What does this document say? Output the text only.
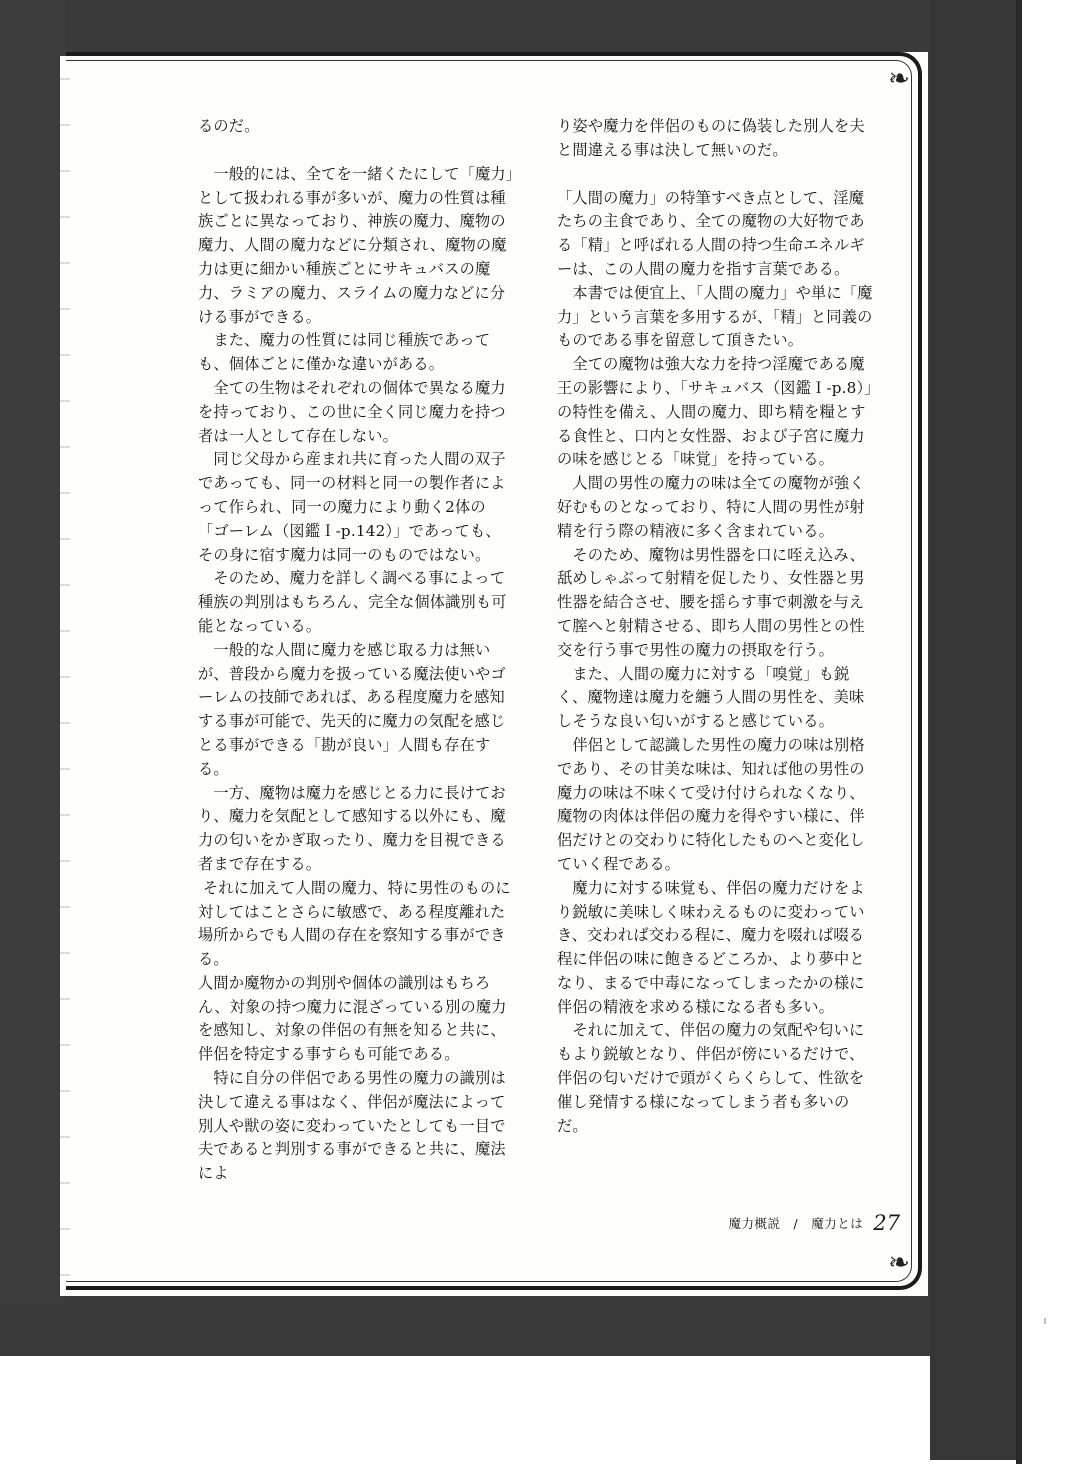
❧
❧

るのだ。

　一般的には、全てを一緒くたにして「魔力」として扱われる事が多いが、魔力の性質は種族ごとに異なっており、神族の魔力、魔物の魔力、人間の魔力などに分類され、魔物の魔力は更に細かい種族ごとにサキュバスの魔力、ラミアの魔力、スライムの魔力などに分ける事ができる。

　また、魔力の性質には同じ種族であっても、個体ごとに僅かな違いがある。

　全ての生物はそれぞれの個体で異なる魔力を持っており、この世に全く同じ魔力を持つ者は一人として存在しない。

　同じ父母から産まれ共に育った人間の双子であっても、同一の材料と同一の製作者によって作られ、同一の魔力により動く2体の「ゴーレム（図鑑Ｉ-p.142）」であっても、その身に宿す魔力は同一のものではない。

　そのため、魔力を詳しく調べる事によって種族の判別はもちろん、完全な個体識別も可能となっている。

　一般的な人間に魔力を感じ取る力は無いが、普段から魔力を扱っている魔法使いやゴーレムの技師であれば、ある程度魔力を感知する事が可能で、先天的に魔力の気配を感じとる事ができる「勘が良い」人間も存在する。

　一方、魔物は魔力を感じとる力に長けており、魔力を気配として感知する以外にも、魔力の匂いをかぎ取ったり、魔力を目視できる者まで存在する。

それに加えて人間の魔力、特に男性のものに対してはことさらに敏感で、ある程度離れた場所からでも人間の存在を察知する事ができる。

人間か魔物かの判別や個体の識別はもちろん、対象の持つ魔力に混ざっている別の魔力を感知し、対象の伴侶の有無を知ると共に、伴侶を特定する事すらも可能である。

　特に自分の伴侶である男性の魔力の識別は決して違える事はなく、伴侶が魔法によって別人や獣の姿に変わっていたとしても一目で夫であると判別する事ができると共に、魔法によ

り姿や魔力を伴侶のものに偽装した別人を夫と間違える事は決して無いのだ。

「人間の魔力」の特筆すべき点として、淫魔たちの主食であり、全ての魔物の大好物である「精」と呼ばれる人間の持つ生命エネルギーは、この人間の魔力を指す言葉である。

　本書では便宜上、「人間の魔力」や単に「魔力」という言葉を多用するが、「精」と同義のものである事を留意して頂きたい。

　全ての魔物は強大な力を持つ淫魔である魔王の影響により、「サキュバス（図鑑Ｉ-p.8）」の特性を備え、人間の魔力、即ち精を糧とする食性と、口内と女性器、および子宮に魔力の味を感じとる「味覚」を持っている。

　人間の男性の魔力の味は全ての魔物が強く好むものとなっており、特に人間の男性が射精を行う際の精液に多く含まれている。

　そのため、魔物は男性器を口に咥え込み、舐めしゃぶって射精を促したり、女性器と男性器を結合させ、腰を揺らす事で刺激を与えて膣へと射精させる、即ち人間の男性との性交を行う事で男性の魔力の摂取を行う。

　また、人間の魔力に対する「嗅覚」も鋭く、魔物達は魔力を纏う人間の男性を、美味しそうな良い匂いがすると感じている。

　伴侶として認識した男性の魔力の味は別格であり、その甘美な味は、知れば他の男性の魔力の味は不味くて受け付けられなくなり、魔物の肉体は伴侶の魔力を得やすい様に、伴侶だけとの交わりに特化したものへと変化していく程である。

　魔力に対する味覚も、伴侶の魔力だけをより鋭敏に美味しく味わえるものに変わっていき、交われば交わる程に、魔力を啜れば啜る程に伴侶の味に飽きるどころか、より夢中となり、まるで中毒になってしまったかの様に伴侶の精液を求める様になる者も多い。

　それに加えて、伴侶の魔力の気配や匂いにもより鋭敏となり、伴侶が傍にいるだけで、伴侶の匂いだけで頭がくらくらして、性欲を催し発情する様になってしまう者も多いのだ。

魔力概説　/　魔力とは 27
